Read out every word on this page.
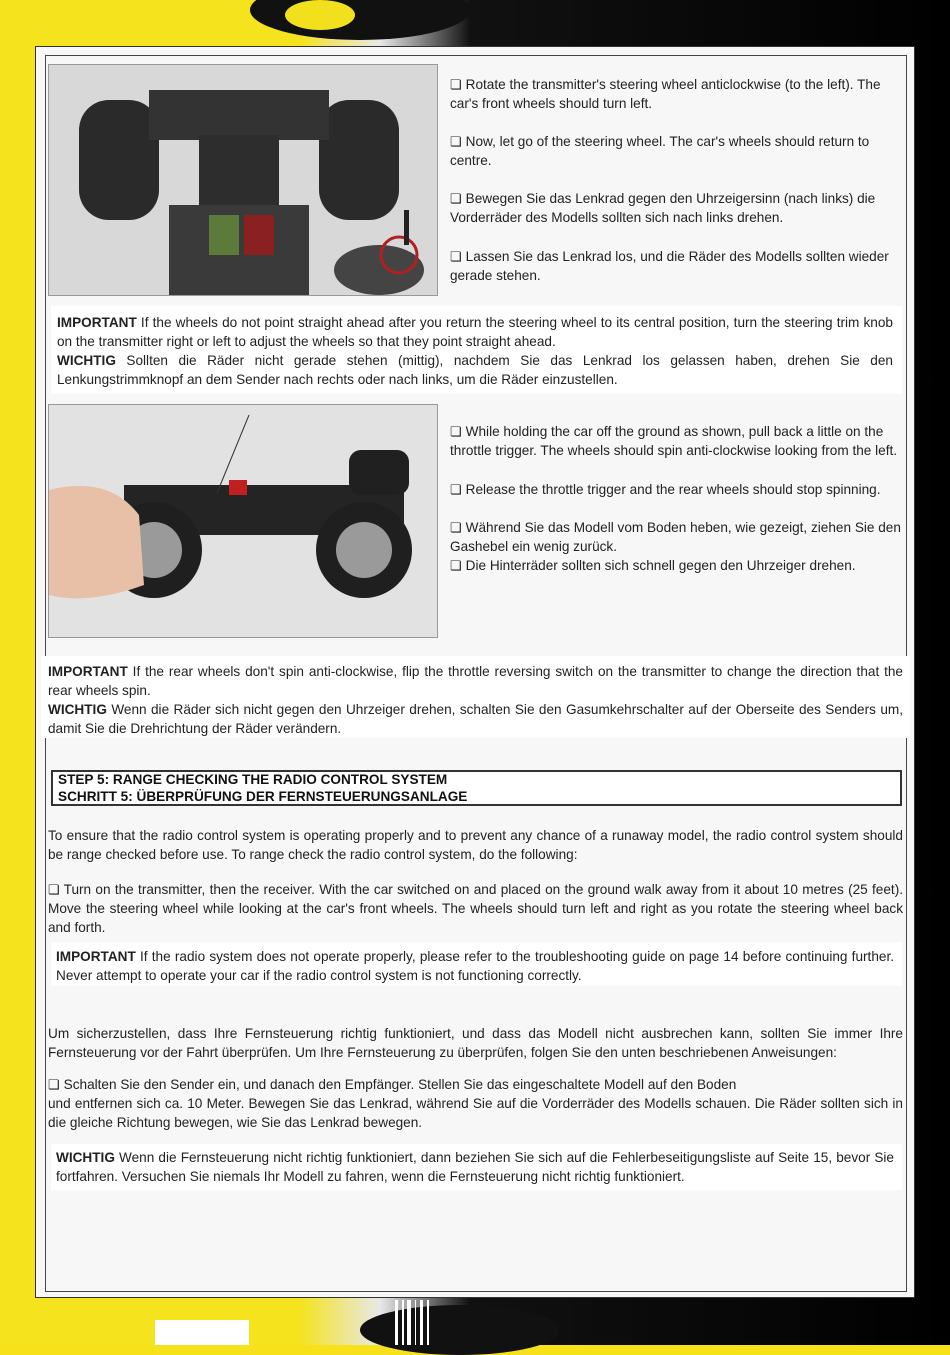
❏ Rotate the transmitter's steering wheel anticlockwise (to the left). The car's front wheels should turn left.
❏ Now, let go of the steering wheel. The car's wheels should return to centre.
❏ Bewegen Sie das Lenkrad gegen den Uhrzeigersinn (nach links) die Vorderräder des Modells sollten sich nach links drehen.
❏ Lassen Sie das Lenkrad los, und die Räder des Modells sollten wieder gerade stehen.
IMPORTANT If the wheels do not point straight ahead after you return the steering wheel to its central position, turn the steering trim knob on the transmitter right or left to adjust the wheels so that they point straight ahead.
WICHTIG Sollten die Räder nicht gerade stehen (mittig), nachdem Sie das Lenkrad los gelassen haben, drehen Sie den Lenkungstrimmknopf an dem Sender nach rechts oder nach links, um die Räder einzustellen.
❏ While holding the car off the ground as shown, pull back a little on the throttle trigger. The wheels should spin anti-clockwise looking from the left.
❏ Release the throttle trigger and the rear wheels should stop spinning.
❏ Während Sie das Modell vom Boden heben, wie gezeigt, ziehen Sie den Gashebel ein wenig zurück.
❏ Die Hinterräder sollten sich schnell gegen den Uhrzeiger drehen.
IMPORTANT If the rear wheels don't spin anti-clockwise, flip the throttle reversing switch on the transmitter to change the direction that the rear wheels spin.
WICHTIG Wenn die Räder sich nicht gegen den Uhrzeiger drehen, schalten Sie den Gasumkehrschalter auf der Oberseite des Senders um, damit Sie die Drehrichtung der Räder verändern.
STEP 5: RANGE CHECKING THE RADIO CONTROL SYSTEM
SCHRITT 5: ÜBERPRÜFUNG DER FERNSTEUERUNGSANLAGE
To ensure that the radio control system is operating properly and to prevent any chance of a runaway model, the radio control system should be range checked before use. To range check the radio control system, do the following:
❏ Turn on the transmitter, then the receiver. With the car switched on and placed on the ground walk away from it about 10 metres (25 feet). Move the steering wheel while looking at the car's front wheels. The wheels should turn left and right as you rotate the steering wheel back and forth.
IMPORTANT If the radio system does not operate properly, please refer to the troubleshooting guide on page 14 before continuing further. Never attempt to operate your car if the radio control system is not functioning correctly.
Um sicherzustellen, dass Ihre Fernsteuerung richtig funktioniert, und dass das Modell nicht ausbrechen kann, sollten Sie immer Ihre Fernsteuerung vor der Fahrt überprüfen. Um Ihre Fernsteuerung zu überprüfen, folgen Sie den unten beschriebenen Anweisungen:
❏ Schalten Sie den Sender ein, und danach den Empfänger. Stellen Sie das eingeschaltete Modell auf den Boden
und entfernen sich ca. 10 Meter. Bewegen Sie das Lenkrad, während Sie auf die Vorderräder des Modells schauen. Die Räder sollten sich in die gleiche Richtung bewegen, wie Sie das Lenkrad bewegen.
WICHTIG Wenn die Fernsteuerung nicht richtig funktioniert, dann beziehen Sie sich auf die Fehlerbeseitigungsliste auf Seite 15, bevor Sie fortfahren. Versuchen Sie niemals Ihr Modell zu fahren, wenn die Fernsteuerung nicht richtig funktioniert.
